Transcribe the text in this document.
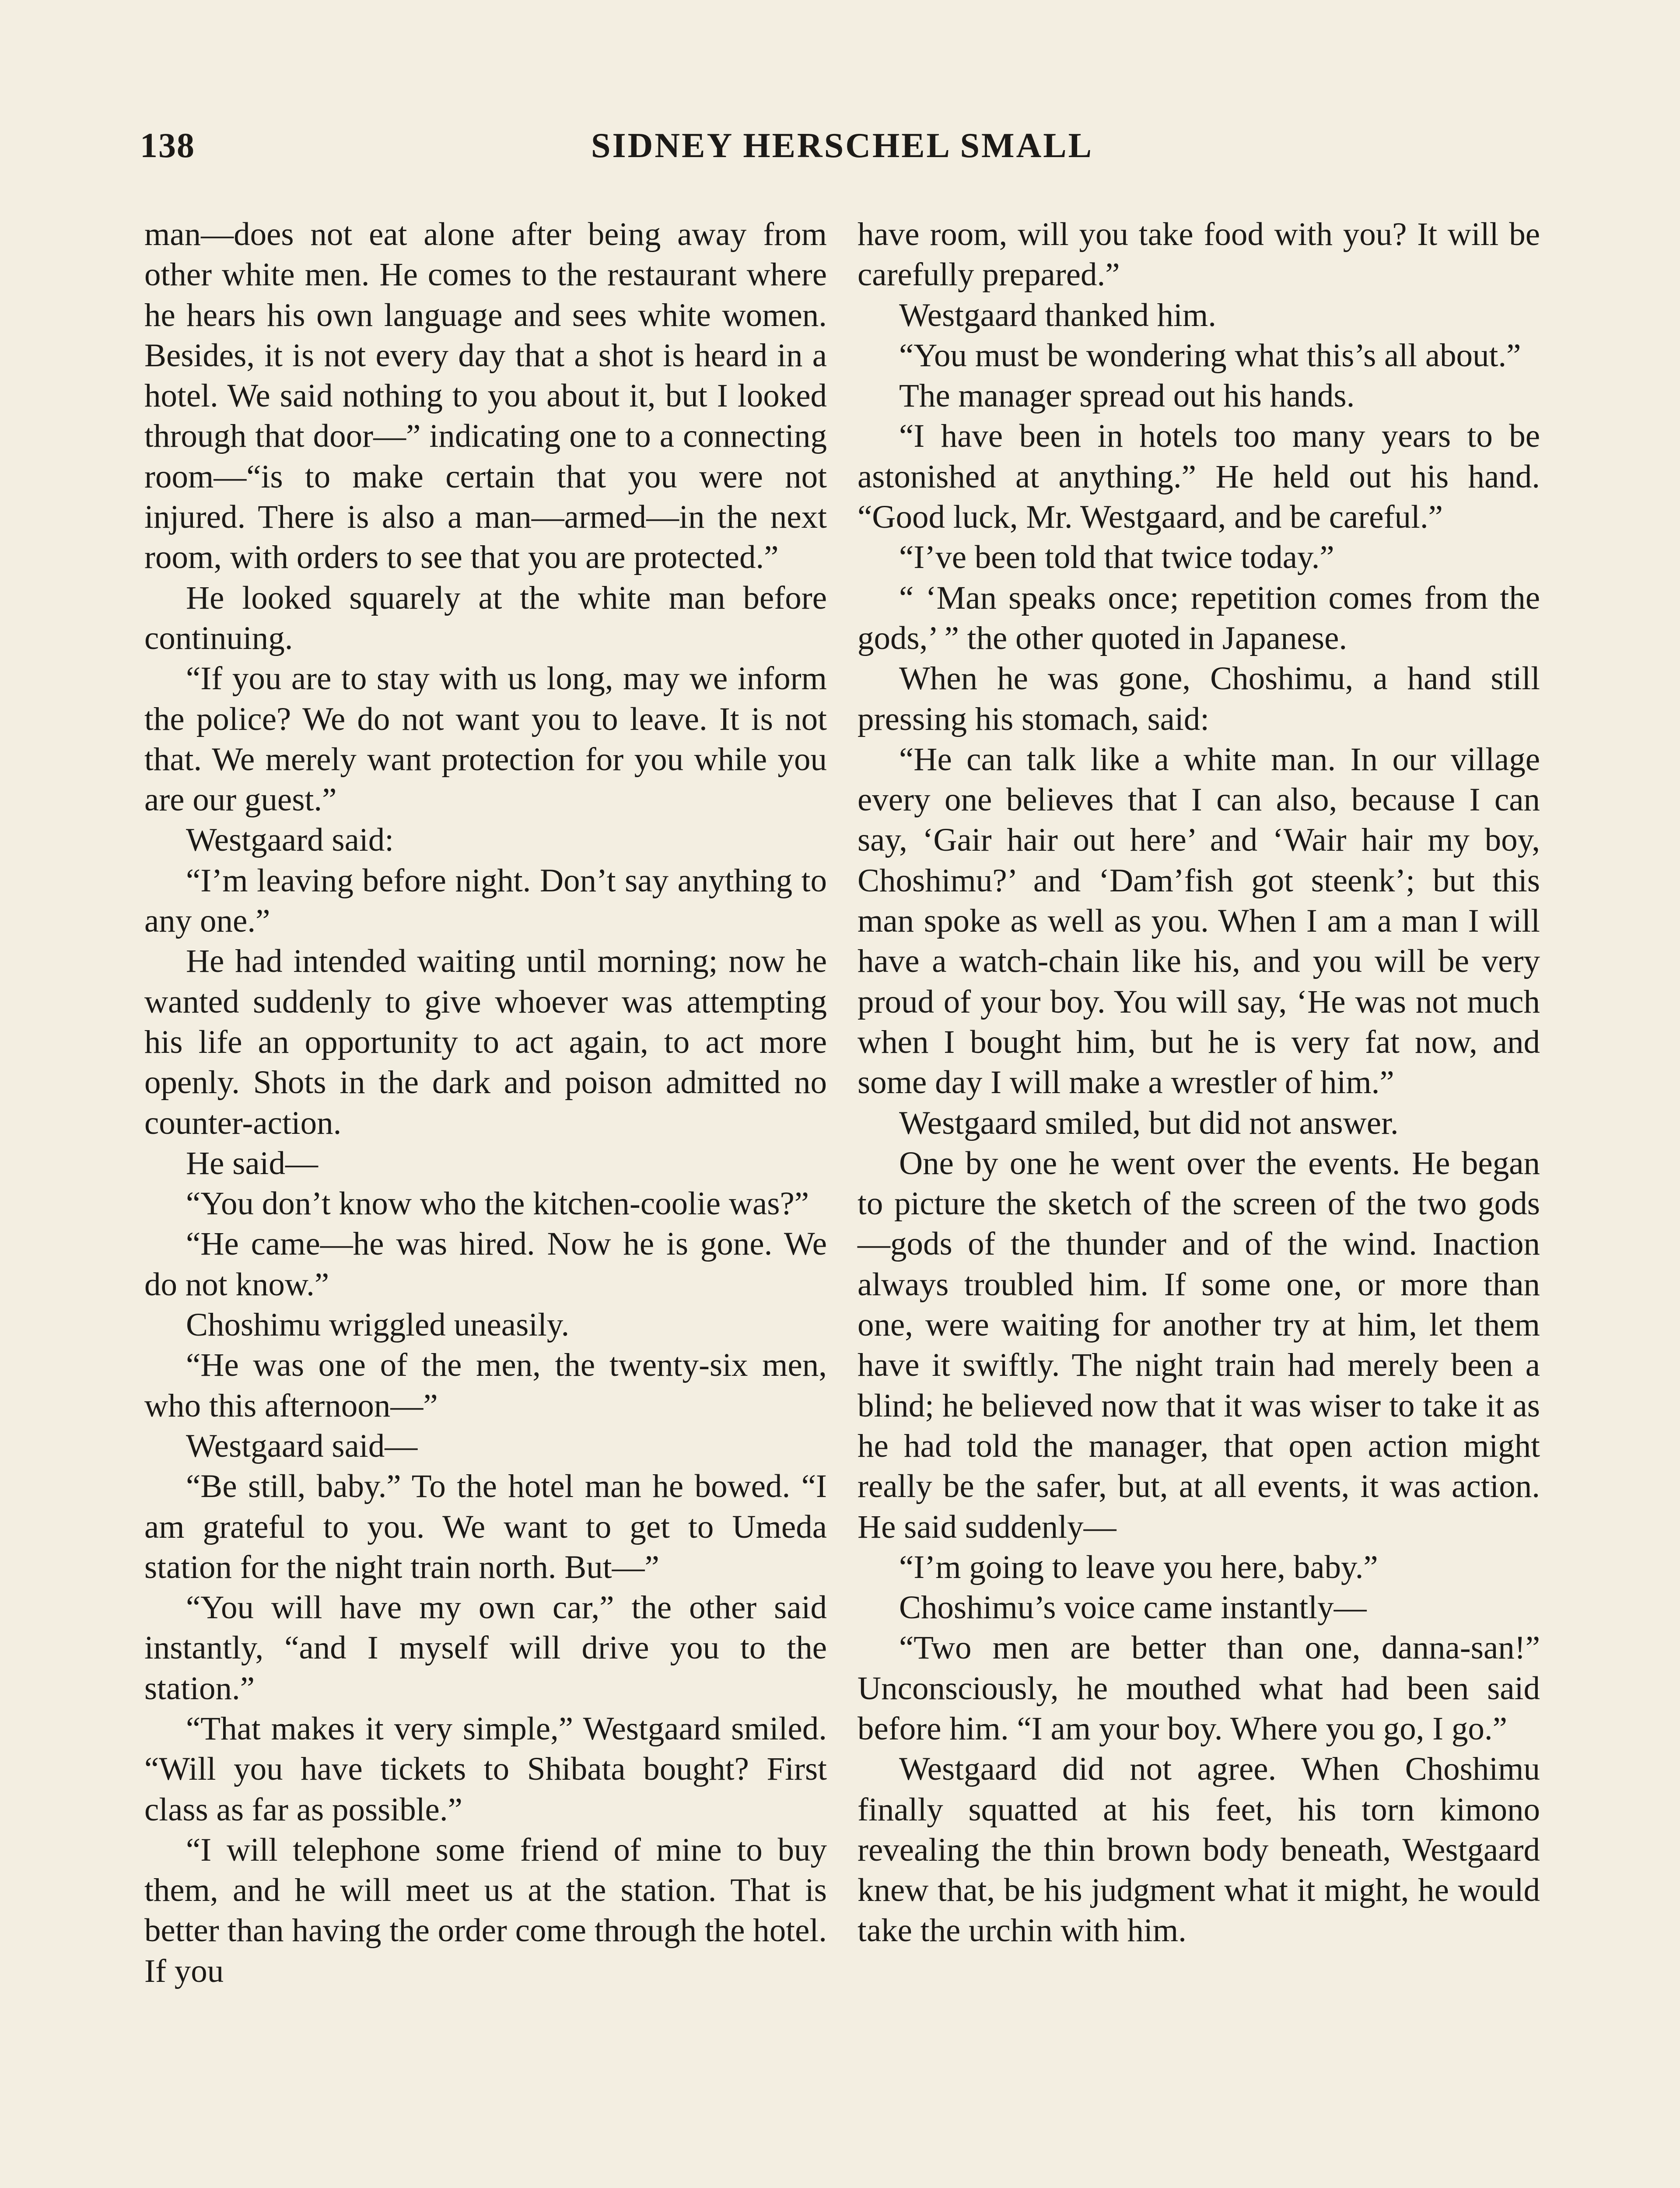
138	SIDNEY HERSCHEL SMALL

man—does not eat alone after being away from other white men. He comes to the restaurant where he hears his own language and sees white women. Besides, it is not every day that a shot is heard in a hotel. We said nothing to you about it, but I looked through that door—” indicating one to a connecting room—“is to make certain that you were not injured. There is also a man—armed—in the next room, with orders to see that you are protected.”

He looked squarely at the white man before continuing.

“If you are to stay with us long, may we inform the police? We do not want you to leave. It is not that. We merely want protection for you while you are our guest.”

Westgaard said:

“I’m leaving before night. Don’t say anything to any one.”

He had intended waiting until morning; now he wanted suddenly to give whoever was attempting his life an opportunity to act again, to act more openly. Shots in the dark and poison admitted no counter-action.

He said—

“You don’t know who the kitchen-coolie was?”

“He came—he was hired. Now he is gone. We do not know.”

Choshimu wriggled uneasily.

“He was one of the men, the twenty-six men, who this afternoon—”

Westgaard said—

“Be still, baby.” To the hotel man he bowed. “I am grateful to you. We want to get to Umeda station for the night train north. But—”

“You will have my own car,” the other said instantly, “and I myself will drive you to the station.”

“That makes it very simple,” Westgaard smiled. “Will you have tickets to Shibata bought? First class as far as possible.”

“I will telephone some friend of mine to buy them, and he will meet us at the station. That is better than having the order come through the hotel. If you

have room, will you take food with you? It will be carefully prepared.”

Westgaard thanked him.

“You must be wondering what this’s all about.”

The manager spread out his hands.

“I have been in hotels too many years to be astonished at anything.” He held out his hand. “Good luck, Mr. Westgaard, and be careful.”

“I’ve been told that twice today.”

“ ‘Man speaks once; repetition comes from the gods,’ ” the other quoted in Japanese.

When he was gone, Choshimu, a hand still pressing his stomach, said:

“He can talk like a white man. In our village every one believes that I can also, because I can say, ‘Gair hair out here’ and ‘Wair hair my boy, Choshimu?’ and ‘Dam’fish got steenk’; but this man spoke as well as you. When I am a man I will have a watch-chain like his, and you will be very proud of your boy. You will say, ‘He was not much when I bought him, but he is very fat now, and some day I will make a wrestler of him.”

Westgaard smiled, but did not answer.

One by one he went over the events. He began to picture the sketch of the screen of the two gods—gods of the thunder and of the wind. Inaction always troubled him. If some one, or more than one, were waiting for another try at him, let them have it swiftly. The night train had merely been a blind; he believed now that it was wiser to take it as he had told the manager, that open action might really be the safer, but, at all events, it was action. He said suddenly—

“I’m going to leave you here, baby.”

Choshimu’s voice came instantly—

“Two men are better than one, danna-san!” Unconsciously, he mouthed what had been said before him. “I am your boy. Where you go, I go.”

Westgaard did not agree. When Choshimu finally squatted at his feet, his torn kimono revealing the thin brown body beneath, Westgaard knew that, be his judgment what it might, he would take the urchin with him.
